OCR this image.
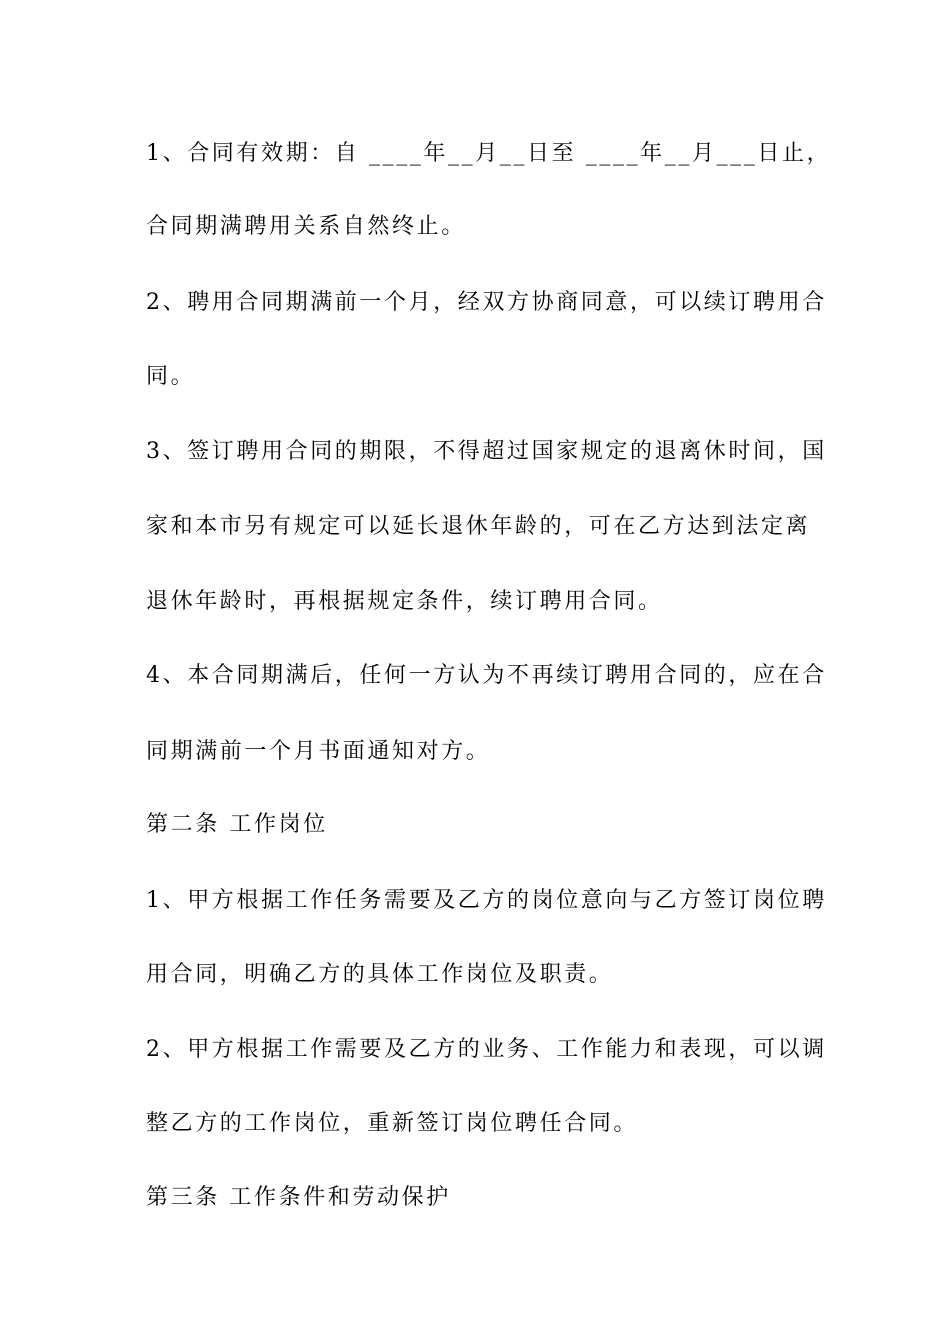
1、合同有效期：自 ____年__月__日至 ____年__月___日止，
合同期满聘用关系自然终止。
2、聘用合同期满前一个月，经双方协商同意，可以续订聘用合
同。
3、签订聘用合同的期限，不得超过国家规定的退离休时间，国
家和本市另有规定可以延长退休年龄的，可在乙方达到法定离
退休年龄时，再根据规定条件，续订聘用合同。
4、本合同期满后，任何一方认为不再续订聘用合同的，应在合
同期满前一个月书面通知对方。
第二条 工作岗位
1、甲方根据工作任务需要及乙方的岗位意向与乙方签订岗位聘
用合同，明确乙方的具体工作岗位及职责。
2、甲方根据工作需要及乙方的业务、工作能力和表现，可以调
整乙方的工作岗位，重新签订岗位聘任合同。
第三条 工作条件和劳动保护
